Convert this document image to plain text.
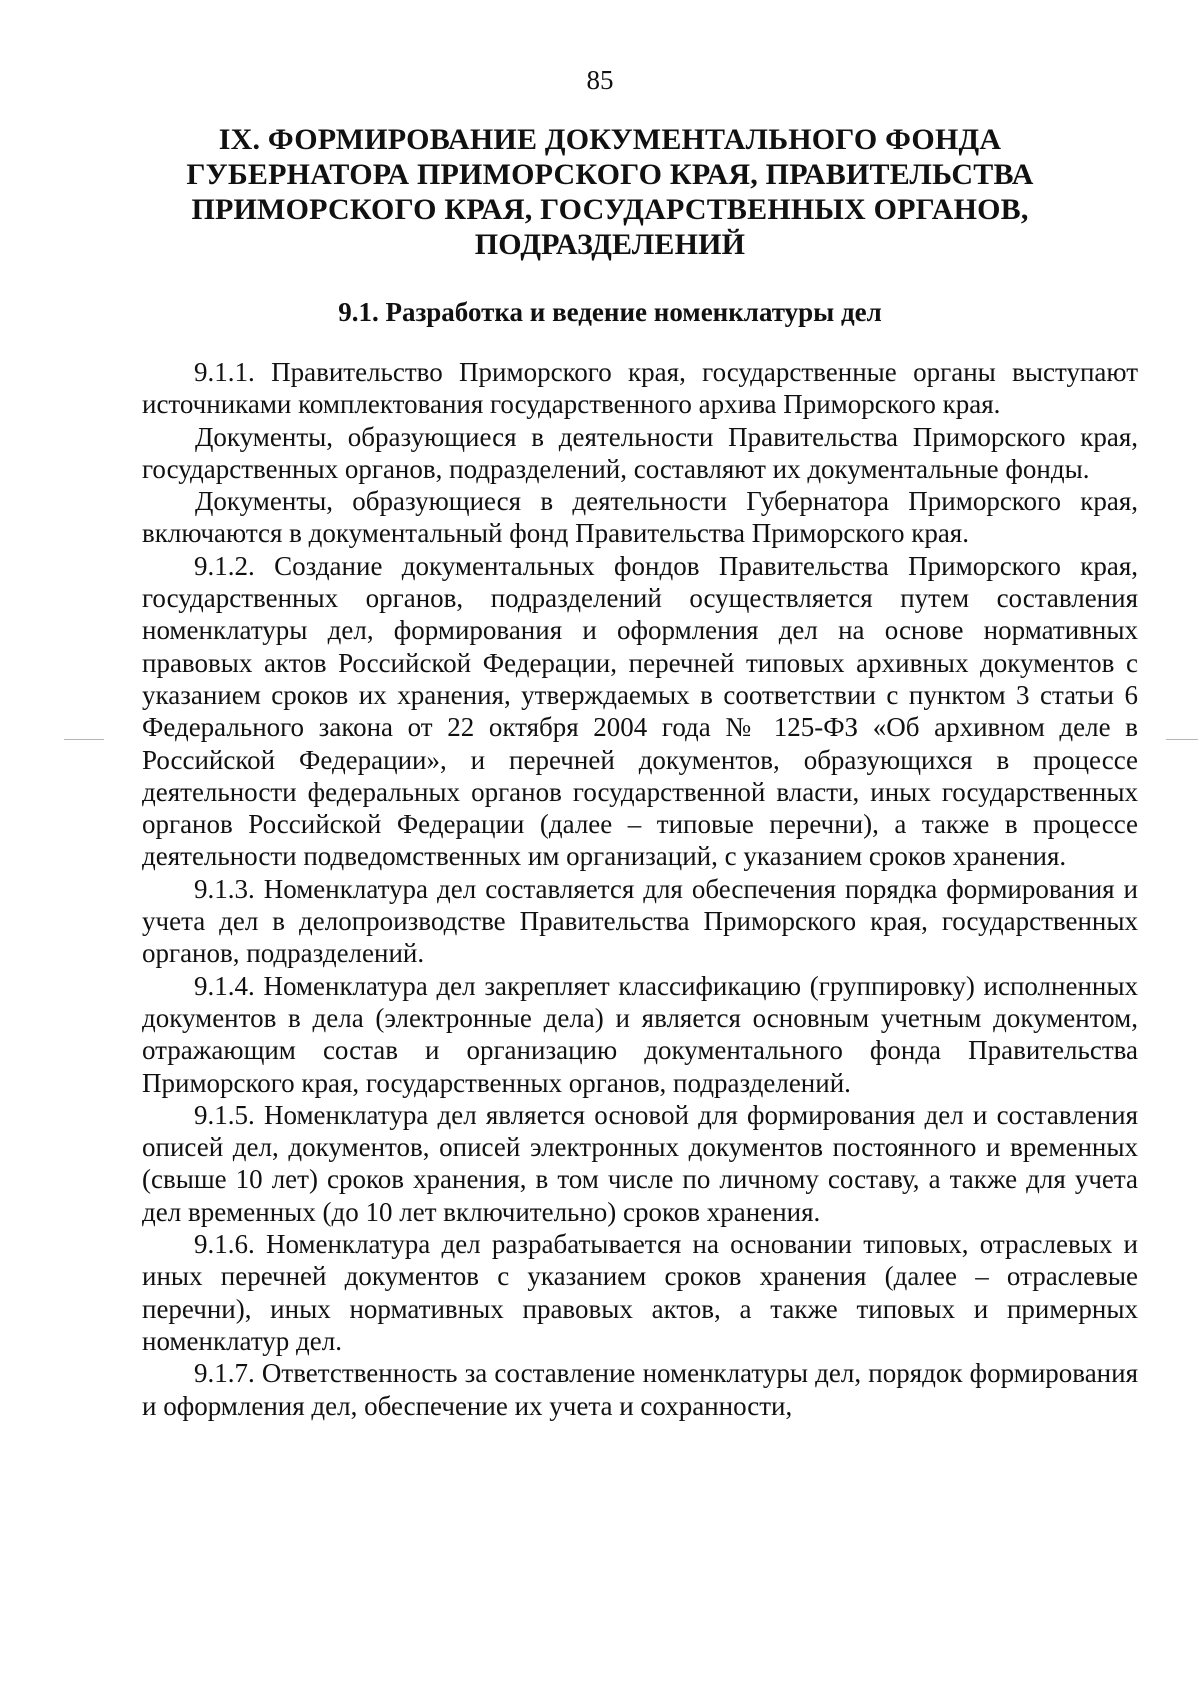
85
IX. ФОРМИРОВАНИЕ ДОКУМЕНТАЛЬНОГО ФОНДА
ГУБЕРНАТОРА ПРИМОРСКОГО КРАЯ, ПРАВИТЕЛЬСТВА
ПРИМОРСКОГО КРАЯ, ГОСУДАРСТВЕННЫХ ОРГАНОВ,
ПОДРАЗДЕЛЕНИЙ
9.1. Разработка и ведение номенклатуры дел

9.1.1. Правительство Приморского края, государственные органы выступают источниками комплектования государственного архива Приморского края.

Документы, образующиеся в деятельности Правительства Приморского края, государственных органов, подразделений, составляют их документальные фонды.

Документы, образующиеся в деятельности Губернатора Приморского края, включаются в документальный фонд Правительства Приморского края.

9.1.2. Создание документальных фондов Правительства Приморского края, государственных органов, подразделений осуществляется путем составления номенклатуры дел, формирования и оформления дел на основе нормативных правовых актов Российской Федерации, перечней типовых архивных документов с указанием сроков их хранения, утверждаемых в соответствии с пунктом 3 статьи 6 Федерального закона от 22 октября 2004 года № 125-ФЗ «Об архивном деле в Российской Федерации», и перечней документов, образующихся в процессе деятельности федеральных органов государственной власти, иных государственных органов Российской Федерации (далее – типовые перечни), а также в процессе деятельности подведомственных им организаций, с указанием сроков хранения.

9.1.3. Номенклатура дел составляется для обеспечения порядка формирования и учета дел в делопроизводстве Правительства Приморского края, государственных органов, подразделений.

9.1.4. Номенклатура дел закрепляет классификацию (группировку) исполненных документов в дела (электронные дела) и является основным учетным документом, отражающим состав и организацию документального фонда Правительства Приморского края, государственных органов, подразделений.

9.1.5. Номенклатура дел является основой для формирования дел и составления описей дел, документов, описей электронных документов постоянного и временных (свыше 10 лет) сроков хранения, в том числе по личному составу, а также для учета дел временных (до 10 лет включительно) сроков хранения.

9.1.6. Номенклатура дел разрабатывается на основании типовых, отраслевых и иных перечней документов с указанием сроков хранения (далее – отраслевые перечни), иных нормативных правовых актов, а также типовых и примерных номенклатур дел.

9.1.7. Ответственность за составление номенклатуры дел, порядок формирования и оформления дел, обеспечение их учета и сохранности,
